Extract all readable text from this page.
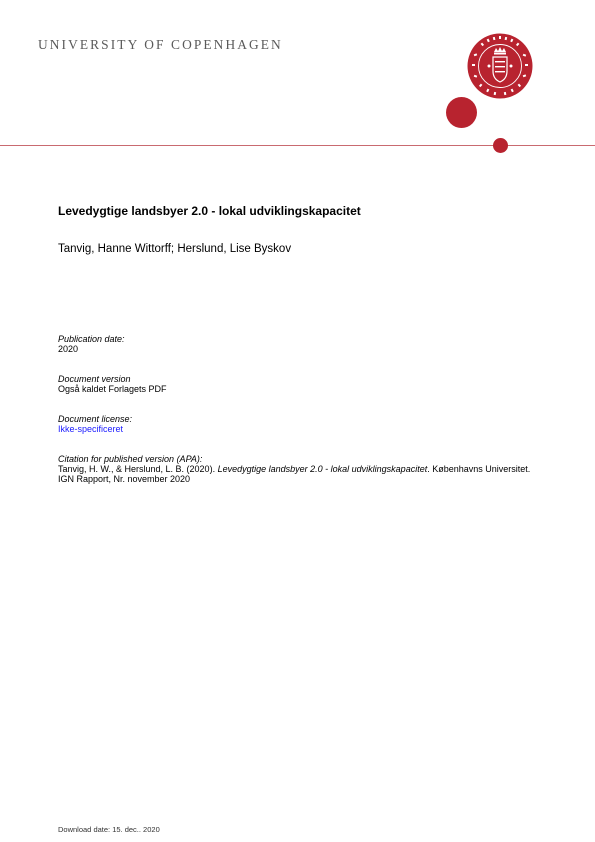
UNIVERSITY OF COPENHAGEN
Levedygtige landsbyer 2.0 - lokal udviklingskapacitet
Tanvig, Hanne Wittorff; Herslund, Lise Byskov
Publication date:
2020
Document version
Også kaldet Forlagets PDF
Document license:
Ikke-specificeret
Citation for published version (APA):
Tanvig, H. W., & Herslund, L. B. (2020). Levedygtige landsbyer 2.0 - lokal udviklingskapacitet. Københavns Universitet. IGN Rapport, Nr. november 2020
Download date: 15. dec.. 2020
